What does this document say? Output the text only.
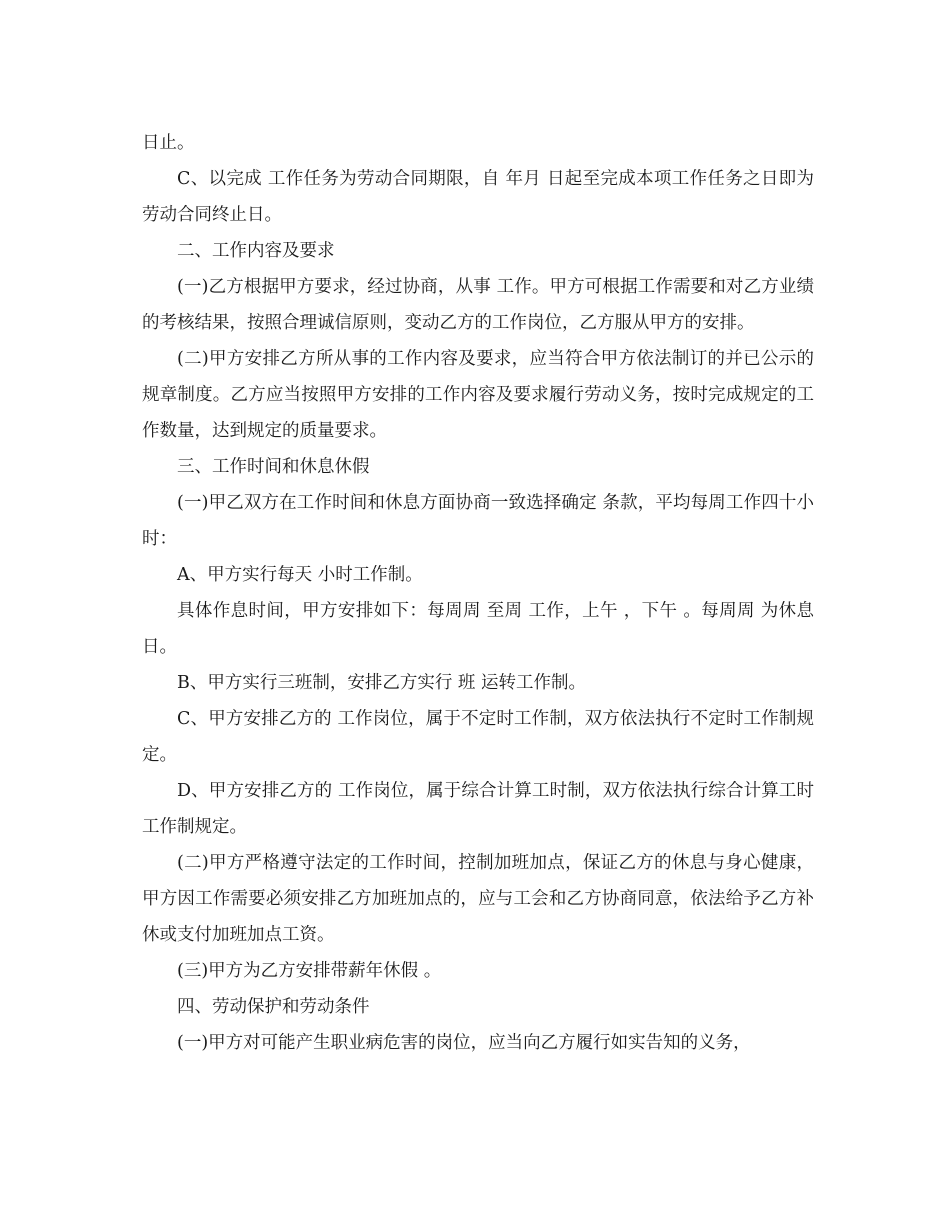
日止。

C、以完成 工作任务为劳动合同期限，自 年月 日起至完成本项工作任务之日即为劳动合同终止日。

二、工作内容及要求

(一)乙方根据甲方要求，经过协商，从事 工作。甲方可根据工作需要和对乙方业绩的考核结果，按照合理诚信原则，变动乙方的工作岗位，乙方服从甲方的安排。

(二)甲方安排乙方所从事的工作内容及要求，应当符合甲方依法制订的并已公示的规章制度。乙方应当按照甲方安排的工作内容及要求履行劳动义务，按时完成规定的工作数量，达到规定的质量要求。

三、工作时间和休息休假

(一)甲乙双方在工作时间和休息方面协商一致选择确定 条款，平均每周工作四十小时：

A、甲方实行每天 小时工作制。

具体作息时间，甲方安排如下：每周周 至周 工作，上午 ，下午 。每周周 为休息日。

B、甲方实行三班制，安排乙方实行 班 运转工作制。

C、甲方安排乙方的 工作岗位，属于不定时工作制，双方依法执行不定时工作制规定。

D、甲方安排乙方的 工作岗位，属于综合计算工时制，双方依法执行综合计算工时工作制规定。

(二)甲方严格遵守法定的工作时间，控制加班加点，保证乙方的休息与身心健康，甲方因工作需要必须安排乙方加班加点的，应与工会和乙方协商同意，依法给予乙方补休或支付加班加点工资。

(三)甲方为乙方安排带薪年休假 。

四、劳动保护和劳动条件

(一)甲方对可能产生职业病危害的岗位，应当向乙方履行如实告知的义务，
